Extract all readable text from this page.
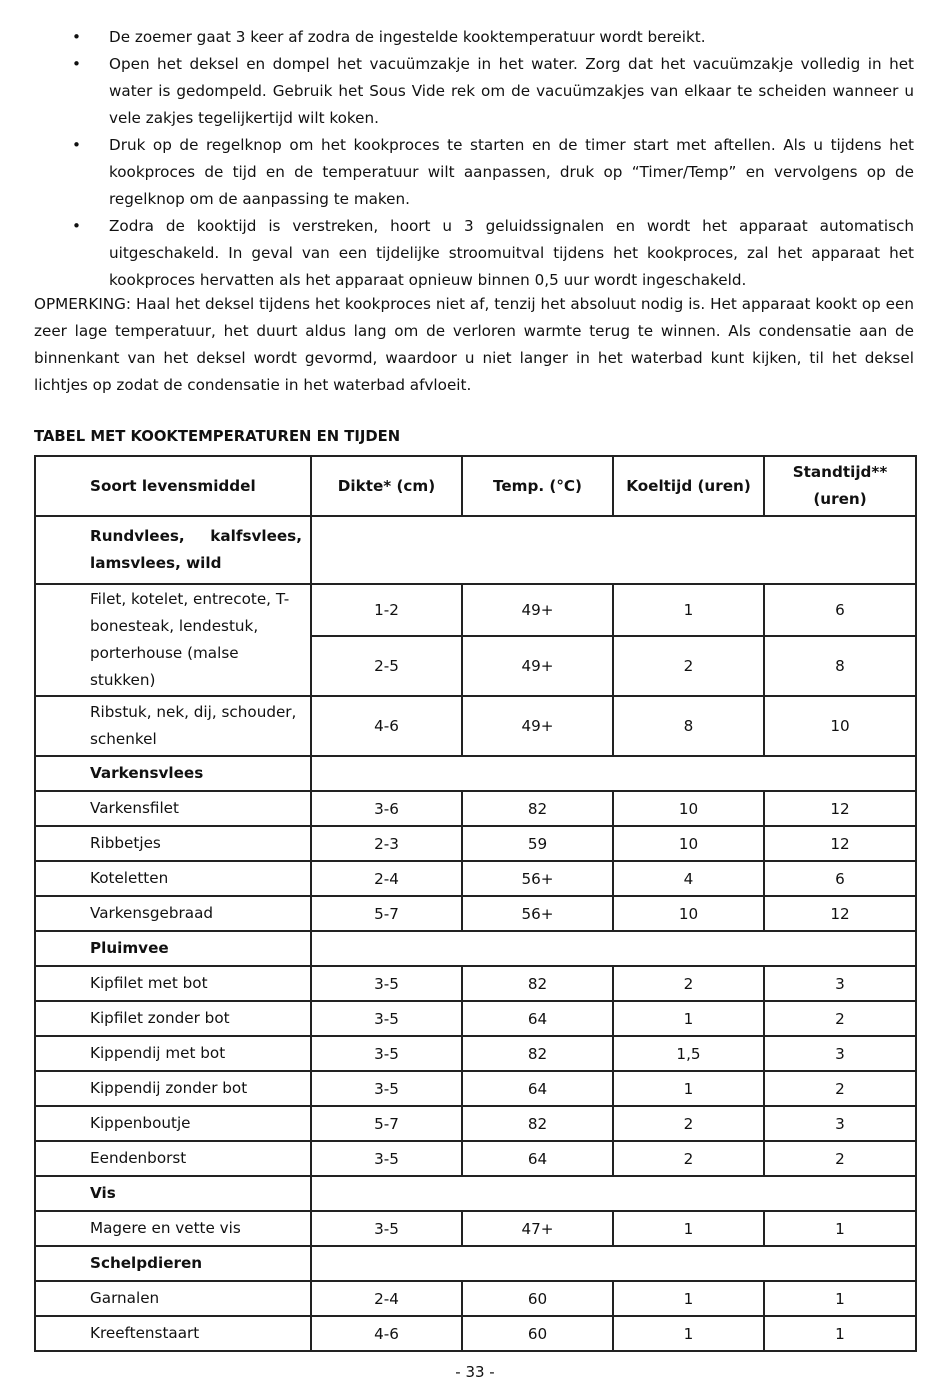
• De zoemer gaat 3 keer af zodra de ingestelde kooktemperatuur wordt bereikt.
• Open het deksel en dompel het vacuümzakje in het water. Zorg dat het vacuümzakje volledig in het water is gedompeld. Gebruik het Sous Vide rek om de vacuümzakjes van elkaar te scheiden wanneer u vele zakjes tegelijkertijd wilt koken.
• Druk op de regelknop om het kookproces te starten en de timer start met aftellen. Als u tijdens het kookproces de tijd en de temperatuur wilt aanpassen, druk op “Timer/Temp” en vervolgens op de regelknop om de aanpassing te maken.
• Zodra de kooktijd is verstreken, hoort u 3 geluidssignalen en wordt het apparaat automatisch uitgeschakeld. In geval van een tijdelijke stroomuitval tijdens het kookproces, zal het apparaat het kookproces hervatten als het apparaat opnieuw binnen 0,5 uur wordt ingeschakeld.

OPMERKING: Haal het deksel tijdens het kookproces niet af, tenzij het absoluut nodig is. Het apparaat kookt op een zeer lage temperatuur, het duurt aldus lang om de verloren warmte terug te winnen. Als condensatie aan de binnenkant van het deksel wordt gevormd, waardoor u niet langer in het waterbad kunt kijken, til het deksel lichtjes op zodat de condensatie in het waterbad afvloeit.

TABEL MET KOOKTEMPERATUREN EN TIJDEN
Soort levensmiddel	Dikte* (cm)	Temp. (°C)	Koeltijd (uren)	Standtijd** (uren)
Rundvlees, kalfsvlees, lamsvlees, wild				
Filet, kotelet, entrecote, T-bonesteak, lendestuk, porterhouse (malse stukken)	1-2	49+	1	6
	2-5	49+	2	8
Ribstuk, nek, dij, schouder, schenkel	4-6	49+	8	10
Varkensvlees				
Varkensfilet	3-6	82	10	12
Ribbetjes	2-3	59	10	12
Koteletten	2-4	56+	4	6
Varkensgebraad	5-7	56+	10	12
Pluimvee				
Kipfilet met bot	3-5	82	2	3
Kipfilet zonder bot	3-5	64	1	2
Kippendij met bot	3-5	82	1,5	3
Kippendij zonder bot	3-5	64	1	2
Kippenboutje	5-7	82	2	3
Eendenborst	3-5	64	2	2
Vis				
Magere en vette vis	3-5	47+	1	1
Schelpdieren				
Garnalen	2-4	60	1	1
Kreeftenstaart	4-6	60	1	1
- 33 -
